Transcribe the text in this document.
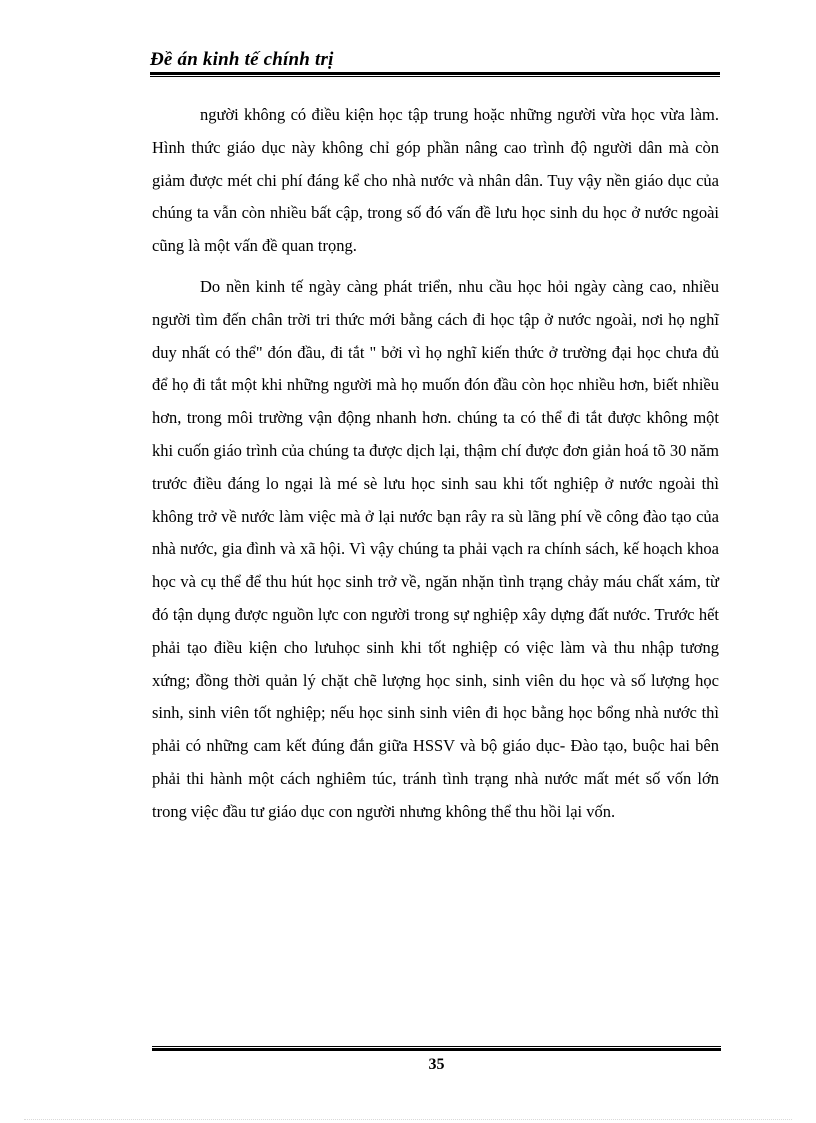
Đề án kinh tế chính trị

người không có điều kiện học tập trung hoặc những người vừa học vừa làm. Hình thức giáo dục này không chỉ góp phần nâng cao trình độ người dân mà còn giảm được mét chi phí đáng kể cho nhà nước và nhân dân. Tuy vậy nền giáo dục của chúng ta vẫn còn nhiều bất cập, trong số đó vấn đề lưu học sinh du học ở nước ngoài cũng là một vấn đề quan trọng.

Do nền kinh tế ngày càng phát triển, nhu cầu học hỏi ngày càng cao, nhiều người tìm đến chân trời tri thức mới bằng cách đi học tập ở nước ngoài, nơi họ nghĩ duy nhất có thể" đón đầu, đi tắt " bởi vì họ nghĩ kiến thức ở trường đại học chưa đủ để họ đi tắt một khi những người mà họ muốn đón đầu còn học nhiều hơn, biết nhiều hơn, trong môi trường vận động nhanh hơn. chúng ta có thể đi tắt được không một khi cuốn giáo trình của chúng ta được dịch lại, thậm chí được đơn giản hoá tõ 30 năm trước điều đáng lo ngại là mé sè lưu học sinh sau khi tốt nghiệp ở nước ngoài thì không trở về nước làm việc mà ở lại nước bạn rây ra sù lãng phí về công đào tạo của nhà nước, gia đình và xã hội. Vì vậy chúng ta phải vạch ra chính sách, kế hoạch khoa học và cụ thể để thu hút học sinh trở về, ngăn nhặn tình trạng chảy máu chất xám, từ đó tận dụng được nguồn lực con người trong sự nghiệp xây dựng đất nước. Trước hết phải tạo điều kiện cho lưuhọc sinh khi tốt nghiệp có việc làm và thu nhập tương xứng; đồng thời quản lý chặt chẽ lượng học sinh, sinh viên du học và số lượng học sinh, sinh viên tốt nghiệp; nếu học sinh sinh viên đi học bằng học bổng nhà nước thì phải có những cam kết đúng đắn giữa HSSV và bộ giáo dục- Đào tạo, buộc hai bên phải thi hành một cách nghiêm túc, tránh tình trạng nhà nước mất mét số vốn lớn trong việc đầu tư giáo dục con người nhưng không thể thu hồi lại vốn.

35
